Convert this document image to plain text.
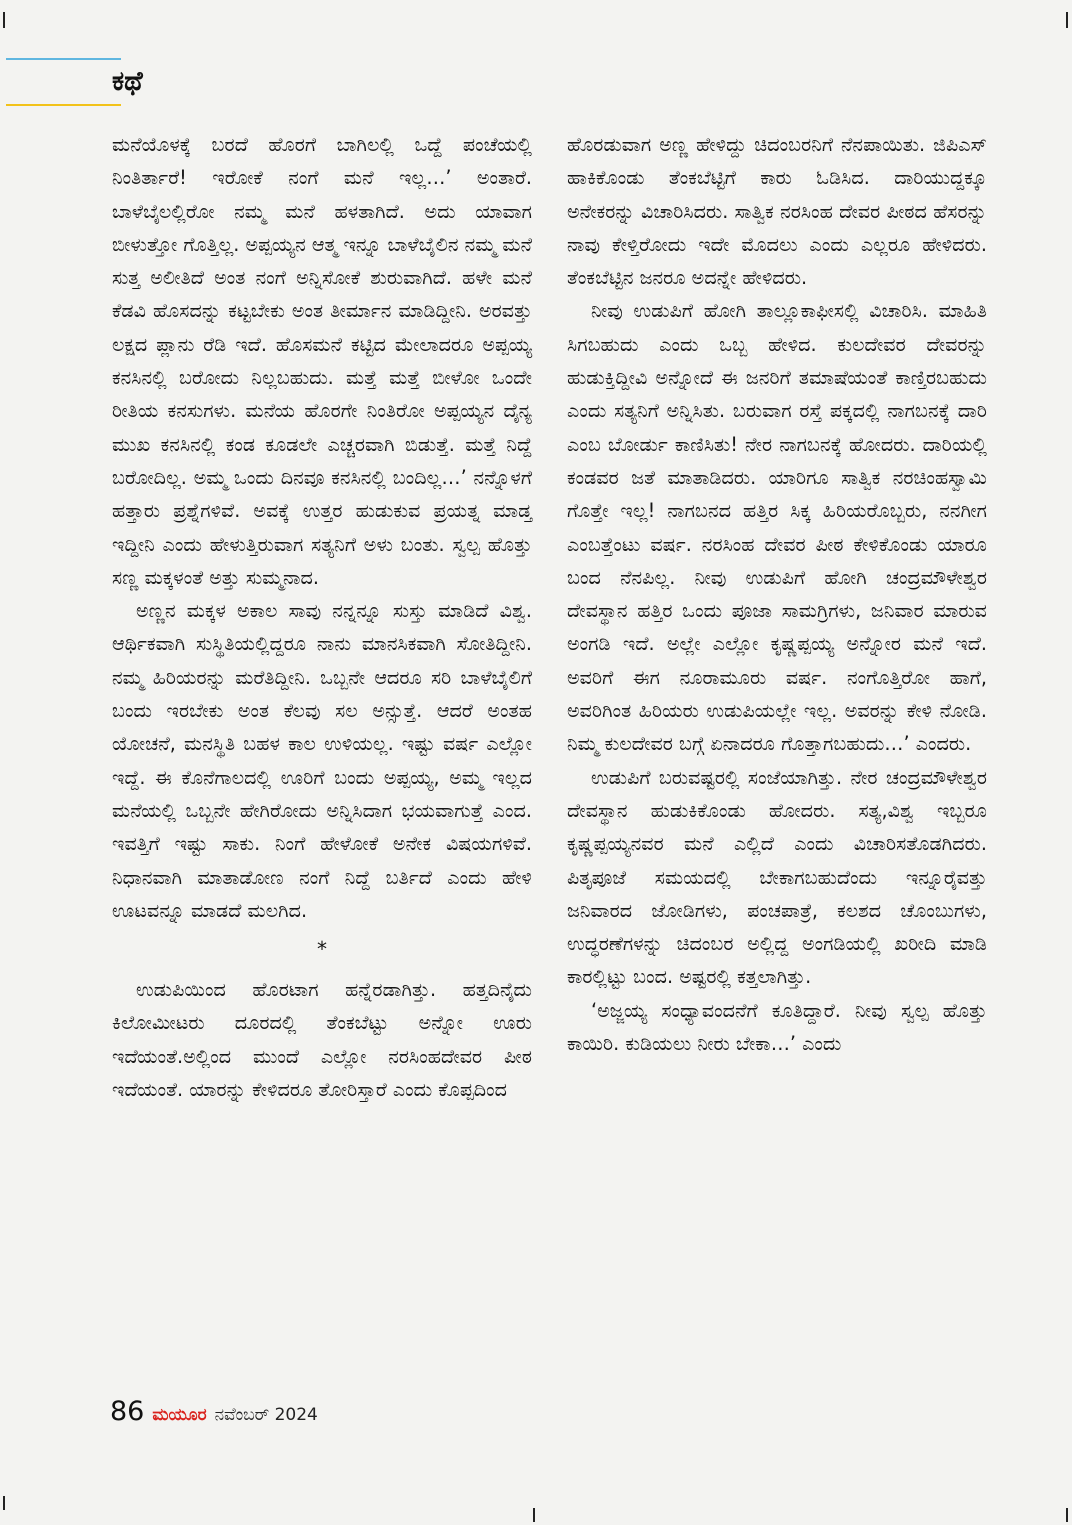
ಕಥೆ

ಮನೆಯೊಳಕ್ಕೆ ಬರದೆ ಹೊರಗೆ ಬಾಗಿಲಲ್ಲಿ ಒದ್ದೆ ಪಂಚೆಯಲ್ಲಿ ನಿಂತಿರ್ತಾರೆ! ಇರೋಕೆ ನಂಗೆ ಮನೆ ಇಲ್ಲ…’ ಅಂತಾರೆ. ಬಾಳೆಬೈಲಲ್ಲಿರೋ ನಮ್ಮ ಮನೆ ಹಳತಾಗಿದೆ. ಅದು ಯಾವಾಗ ಬೀಳುತ್ತೋ ಗೊತ್ತಿಲ್ಲ. ಅಪ್ಪಯ್ಯನ ಆತ್ಮ ಇನ್ನೂ ಬಾಳೆಬೈಲಿನ ನಮ್ಮ ಮನೆ ಸುತ್ತ ಅಲೀತಿದೆ ಅಂತ ನಂಗೆ ಅನ್ನಿಸೋಕೆ ಶುರುವಾಗಿದೆ. ಹಳೇ ಮನೆ ಕೆಡವಿ ಹೊಸದನ್ನು ಕಟ್ಟಬೇಕು ಅಂತ ತೀರ್ಮಾನ ಮಾಡಿದ್ದೀನಿ. ಅರವತ್ತು ಲಕ್ಷದ ಪ್ಲಾನು ರೆಡಿ ಇದೆ. ಹೊಸಮನೆ ಕಟ್ಟಿದ ಮೇಲಾದರೂ ಅಪ್ಪಯ್ಯ ಕನಸಿನಲ್ಲಿ ಬರೋದು ನಿಲ್ಲಬಹುದು. ಮತ್ತೆ ಮತ್ತೆ ಬೀಳೋ ಒಂದೇ ರೀತಿಯ ಕನಸುಗಳು. ಮನೆಯ ಹೊರಗೇ ನಿಂತಿರೋ ಅಪ್ಪಯ್ಯನ ದೈನ್ಯ ಮುಖ ಕನಸಿನಲ್ಲಿ ಕಂಡ ಕೂಡಲೇ ಎಚ್ಚರವಾಗಿ ಬಿಡುತ್ತೆ. ಮತ್ತೆ ನಿದ್ದೆ ಬರೋದಿಲ್ಲ. ಅಮ್ಮ ಒಂದು ದಿನವೂ ಕನಸಿನಲ್ಲಿ ಬಂದಿಲ್ಲ…’ ನನ್ನೊಳಗೆ ಹತ್ತಾರು ಪ್ರಶ್ನೆಗಳಿವೆ. ಅವಕ್ಕೆ ಉತ್ತರ ಹುಡುಕುವ ಪ್ರಯತ್ನ ಮಾಡ್ತ ಇದ್ದೀನಿ ಎಂದು ಹೇಳುತ್ತಿರುವಾಗ ಸತ್ಯನಿಗೆ ಅಳು ಬಂತು. ಸ್ವಲ್ಪ ಹೊತ್ತು ಸಣ್ಣ ಮಕ್ಕಳಂತೆ ಅತ್ತು ಸುಮ್ಮನಾದ.

ಅಣ್ಣನ ಮಕ್ಕಳ ಅಕಾಲ ಸಾವು ನನ್ನನ್ನೂ ಸುಸ್ತು ಮಾಡಿದೆ ವಿಶ್ವ. ಆರ್ಥಿಕವಾಗಿ ಸುಸ್ಥಿತಿಯಲ್ಲಿದ್ದರೂ ನಾನು ಮಾನಸಿಕವಾಗಿ ಸೋತಿದ್ದೀನಿ. ನಮ್ಮ ಹಿರಿಯರನ್ನು ಮರೆತಿದ್ದೀನಿ. ಒಬ್ಬನೇ ಆದರೂ ಸರಿ ಬಾಳೆಬೈಲಿಗೆ ಬಂದು ಇರಬೇಕು ಅಂತ ಕೆಲವು ಸಲ ಅನ್ಸುತ್ತೆ. ಆದರೆ ಅಂತಹ ಯೋಚನೆ, ಮನಸ್ಥಿತಿ ಬಹಳ ಕಾಲ ಉಳಿಯಲ್ಲ. ಇಷ್ಟು ವರ್ಷ ಎಲ್ಲೋ ಇದ್ದೆ. ಈ ಕೊನೆಗಾಲದಲ್ಲಿ ಊರಿಗೆ ಬಂದು ಅಪ್ಪಯ್ಯ, ಅಮ್ಮ ಇಲ್ಲದ ಮನೆಯಲ್ಲಿ ಒಬ್ಬನೇ ಹೇಗಿರೋದು ಅನ್ನಿಸಿದಾಗ ಭಯವಾಗುತ್ತೆ ಎಂದ. ಇವತ್ತಿಗೆ ಇಷ್ಟು ಸಾಕು. ನಿಂಗೆ ಹೇಳೋಕೆ ಅನೇಕ ವಿಷಯಗಳಿವೆ. ನಿಧಾನವಾಗಿ ಮಾತಾಡೋಣ ನಂಗೆ ನಿದ್ದೆ ಬರ್ತಿದೆ ಎಂದು ಹೇಳಿ ಊಟವನ್ನೂ ಮಾಡದೆ ಮಲಗಿದ.

*

ಉಡುಪಿಯಿಂದ ಹೊರಟಾಗ ಹನ್ನೆರಡಾಗಿತ್ತು. ಹತ್ತದಿನೈದು ಕಿಲೋಮೀಟರು ದೂರದಲ್ಲಿ ತೆಂಕಬೆಟ್ಟು ಅನ್ನೋ ಊರು ಇದೆಯಂತೆ.ಅಲ್ಲಿಂದ ಮುಂದೆ ಎಲ್ಲೋ ನರಸಿಂಹದೇವರ ಪೀಠ ಇದೆಯಂತೆ. ಯಾರನ್ನು ಕೇಳಿದರೂ ತೋರಿಸ್ತಾರೆ ಎಂದು ಕೊಪ್ಪದಿಂದ

ಹೊರಡುವಾಗ ಅಣ್ಣ ಹೇಳಿದ್ದು ಚಿದಂಬರನಿಗೆ ನೆನಪಾಯಿತು. ಜಿಪಿಎಸ್ ಹಾಕಿಕೊಂಡು ತೆಂಕಬೆಟ್ಟಿಗೆ ಕಾರು ಓಡಿಸಿದ. ದಾರಿಯುದ್ದಕ್ಕೂ ಅನೇಕರನ್ನು ವಿಚಾರಿಸಿದರು. ಸಾತ್ವಿಕ ನರಸಿಂಹ ದೇವರ ಪೀಠದ ಹೆಸರನ್ನು ನಾವು ಕೇಳ್ತಿರೋದು ಇದೇ ಮೊದಲು ಎಂದು ಎಲ್ಲರೂ ಹೇಳಿದರು. ತೆಂಕಬೆಟ್ಟಿನ ಜನರೂ ಅದನ್ನೇ ಹೇಳಿದರು.

ನೀವು ಉಡುಪಿಗೆ ಹೋಗಿ ತಾಲ್ಲೂಕಾಫೀಸಲ್ಲಿ ವಿಚಾರಿಸಿ. ಮಾಹಿತಿ ಸಿಗಬಹುದು ಎಂದು ಒಬ್ಬ ಹೇಳಿದ. ಕುಲದೇವರ ದೇವರನ್ನು ಹುಡುಕ್ತಿದ್ದೀವಿ ಅನ್ನೋದೆ ಈ ಜನರಿಗೆ ತಮಾಷೆಯಂತೆ ಕಾಣ್ತಿರಬಹುದು ಎಂದು ಸತ್ಯನಿಗೆ ಅನ್ನಿಸಿತು. ಬರುವಾಗ ರಸ್ತೆ ಪಕ್ಕದಲ್ಲಿ ನಾಗಬನಕ್ಕೆ ದಾರಿ ಎಂಬ ಬೋರ್ಡು ಕಾಣಿಸಿತು! ನೇರ ನಾಗಬನಕ್ಕೆ ಹೋದರು. ದಾರಿಯಲ್ಲಿ ಕಂಡವರ ಜತೆ ಮಾತಾಡಿದರು. ಯಾರಿಗೂ ಸಾತ್ವಿಕ ನರಚಿಂಹಸ್ವಾಮಿ ಗೊತ್ತೇ ಇಲ್ಲ! ನಾಗಬನದ ಹತ್ತಿರ ಸಿಕ್ಕ ಹಿರಿಯರೊಬ್ಬರು, ನನಗೀಗ ಎಂಬತ್ತೆಂಟು ವರ್ಷ. ನರಸಿಂಹ ದೇವರ ಪೀಠ ಕೇಳಿಕೊಂಡು ಯಾರೂ ಬಂದ ನೆನಪಿಲ್ಲ. ನೀವು ಉಡುಪಿಗೆ ಹೋಗಿ ಚಂದ್ರಮೌಳೇಶ್ವರ ದೇವಸ್ಥಾನ ಹತ್ತಿರ ಒಂದು ಪೂಜಾ ಸಾಮಗ್ರಿಗಳು, ಜನಿವಾರ ಮಾರುವ ಅಂಗಡಿ ಇದೆ. ಅಲ್ಲೇ ಎಲ್ಲೋ ಕೃಷ್ಣಪ್ಪಯ್ಯ ಅನ್ನೋರ ಮನೆ ಇದೆ. ಅವರಿಗೆ ಈಗ ನೂರಾಮೂರು ವರ್ಷ. ನಂಗೊತ್ತಿರೋ ಹಾಗೆ, ಅವರಿಗಿಂತ ಹಿರಿಯರು ಉಡುಪಿಯಲ್ಲೇ ಇಲ್ಲ. ಅವರನ್ನು ಕೇಳಿ ನೋಡಿ. ನಿಮ್ಮ ಕುಲದೇವರ ಬಗ್ಗೆ ಏನಾದರೂ ಗೊತ್ತಾಗಬಹುದು…’ ಎಂದರು.

ಉಡುಪಿಗೆ ಬರುವಷ್ಟರಲ್ಲಿ ಸಂಜೆಯಾಗಿತ್ತು. ನೇರ ಚಂದ್ರಮೌಳೇಶ್ವರ ದೇವಸ್ಥಾನ ಹುಡುಕಿಕೊಂಡು ಹೋದರು. ಸತ್ಯ,ವಿಶ್ವ ಇಬ್ಬರೂ ಕೃಷ್ಣಪ್ಪಯ್ಯನವರ ಮನೆ ಎಲ್ಲಿದೆ ಎಂದು ವಿಚಾರಿಸತೊಡಗಿದರು. ಪಿತೃಪೂಜೆ ಸಮಯದಲ್ಲಿ ಬೇಕಾಗಬಹುದೆಂದು ಇನ್ನೂರೈವತ್ತು ಜನಿವಾರದ ಜೋಡಿಗಳು, ಪಂಚಪಾತ್ರೆ, ಕಲಶದ ಚೊಂಬುಗಳು, ಉದ್ಧರಣೆಗಳನ್ನು ಚಿದಂಬರ ಅಲ್ಲಿದ್ದ ಅಂಗಡಿಯಲ್ಲಿ ಖರೀದಿ ಮಾಡಿ ಕಾರಲ್ಲಿಟ್ಟು ಬಂದ. ಅಷ್ಟರಲ್ಲಿ ಕತ್ತಲಾಗಿತ್ತು.

‘ಅಜ್ಜಯ್ಯ ಸಂಧ್ಯಾವಂದನೆಗೆ ಕೂತಿದ್ದಾರೆ. ನೀವು ಸ್ವಲ್ಪ ಹೊತ್ತು ಕಾಯಿರಿ. ಕುಡಿಯಲು ನೀರು ಬೇಕಾ…’ ಎಂದು

86 ಮಯೂರ ನವೆಂಬರ್ 2024
